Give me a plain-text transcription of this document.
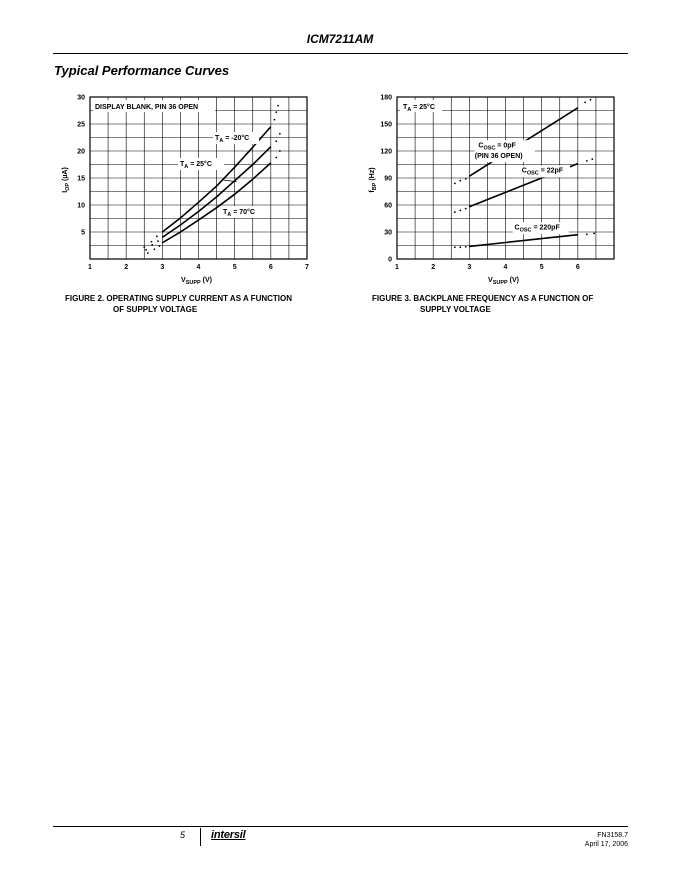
ICM7211AM
Typical Performance Curves
1	2	3	4	5	6	7
5
10
15
20
25
30
$V_{SUPP}$ (V)
$I_{OP}$ (µA)
DISPLAY BLANK, PIN 36 OPEN
$T_A = -20^\circ C$
$T_A = 25^\circ C$
$T_A = 70^\circ C$
1	2	3	4	5	6
0
30
60
90
120
150
180
$V_{SUPP}$ (V)
$f_{BP}$ (Hz)
$T_A = 25^\circ C$
$C_{OSC} = 0pF$
(PIN 36 OPEN)
$C_{OSC} = 22pF$
$C_{OSC} = 220pF$
FIGURE 2. OPERATING SUPPLY CURRENT AS A FUNCTION
OF SUPPLY VOLTAGE
FIGURE 3. BACKPLANE FREQUENCY AS A FUNCTION OF
SUPPLY VOLTAGE
5 intersil	FN3158.7
April 17, 2006
